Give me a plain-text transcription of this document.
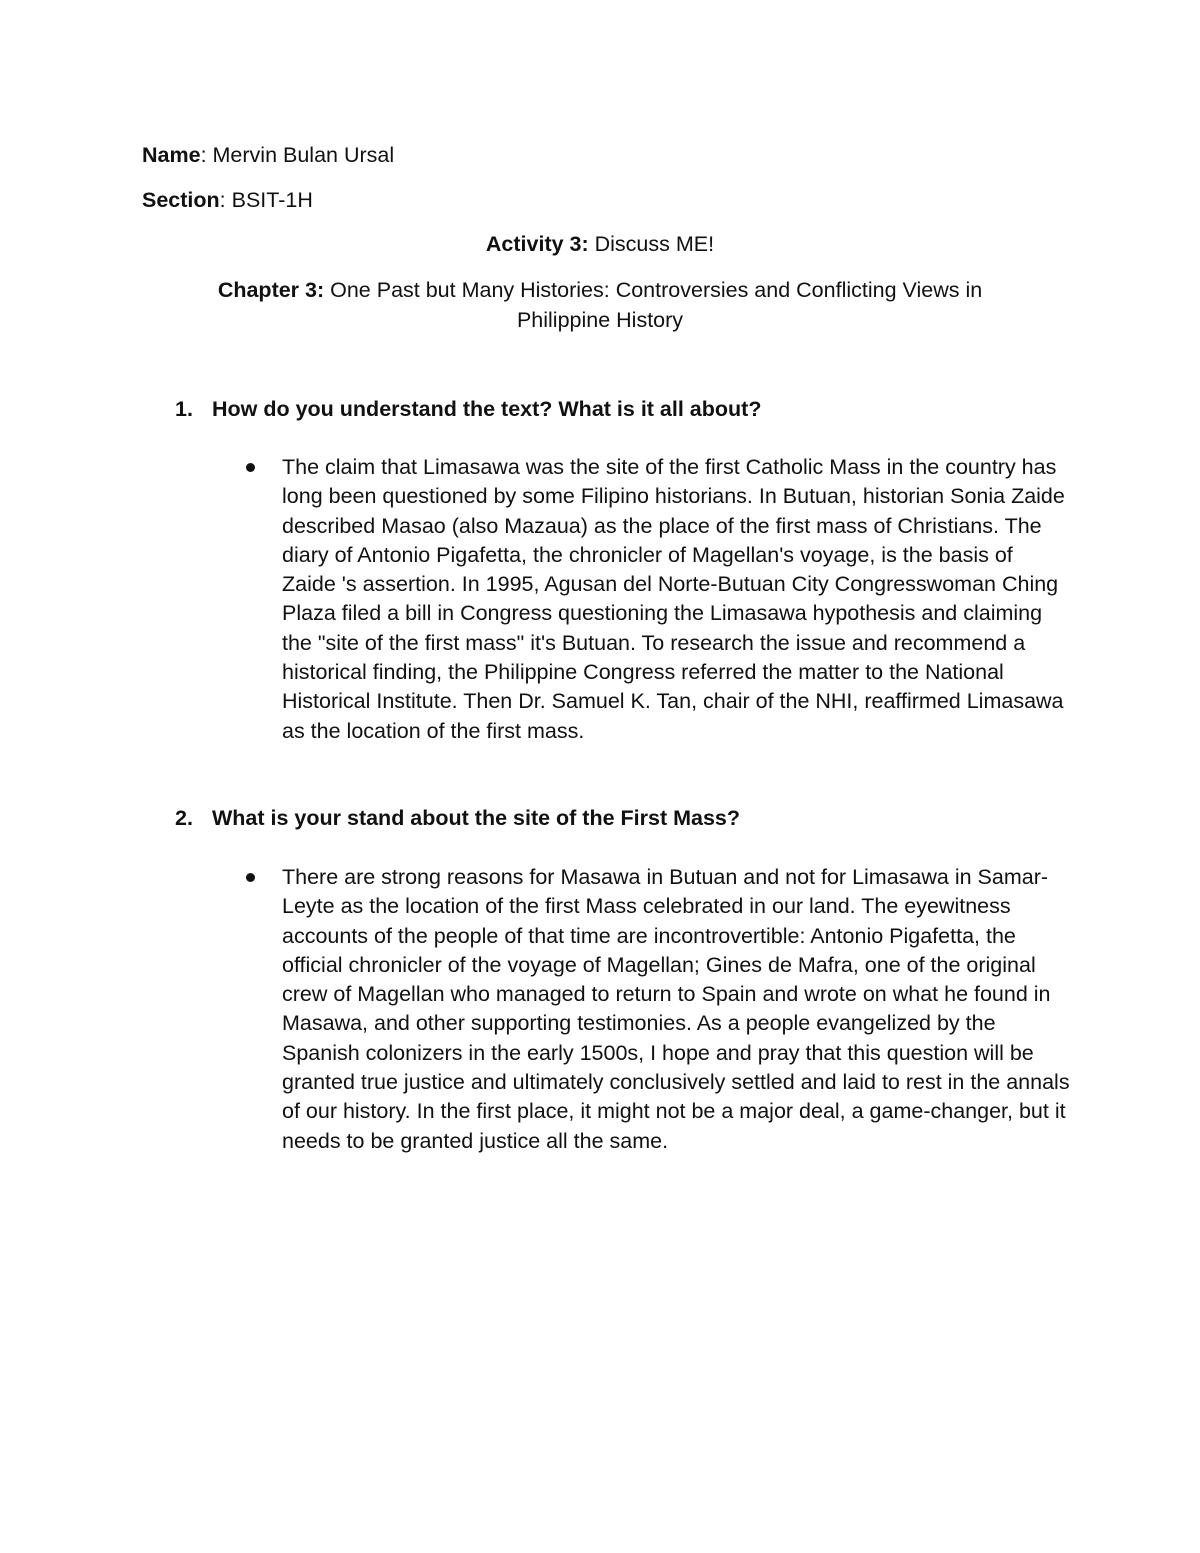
Name: Mervin Bulan Ursal
Section: BSIT-1H
Activity 3: Discuss ME!
Chapter 3: One Past but Many Histories: Controversies and Conflicting Views in Philippine History
1. How do you understand the text? What is it all about?
The claim that Limasawa was the site of the first Catholic Mass in the country has long been questioned by some Filipino historians. In Butuan, historian Sonia Zaide described Masao (also Mazaua) as the place of the first mass of Christians. The diary of Antonio Pigafetta, the chronicler of Magellan's voyage, is the basis of Zaide 's assertion. In 1995, Agusan del Norte-Butuan City Congresswoman Ching Plaza filed a bill in Congress questioning the Limasawa hypothesis and claiming the "site of the first mass" it's Butuan. To research the issue and recommend a historical finding, the Philippine Congress referred the matter to the National Historical Institute. Then Dr. Samuel K. Tan, chair of the NHI, reaffirmed Limasawa as the location of the first mass.
2. What is your stand about the site of the First Mass?
There are strong reasons for Masawa in Butuan and not for Limasawa in Samar-Leyte as the location of the first Mass celebrated in our land. The eyewitness accounts of the people of that time are incontrovertible: Antonio Pigafetta, the official chronicler of the voyage of Magellan; Gines de Mafra, one of the original crew of Magellan who managed to return to Spain and wrote on what he found in Masawa, and other supporting testimonies. As a people evangelized by the Spanish colonizers in the early 1500s, I hope and pray that this question will be granted true justice and ultimately conclusively settled and laid to rest in the annals of our history. In the first place, it might not be a major deal, a game-changer, but it needs to be granted justice all the same.
